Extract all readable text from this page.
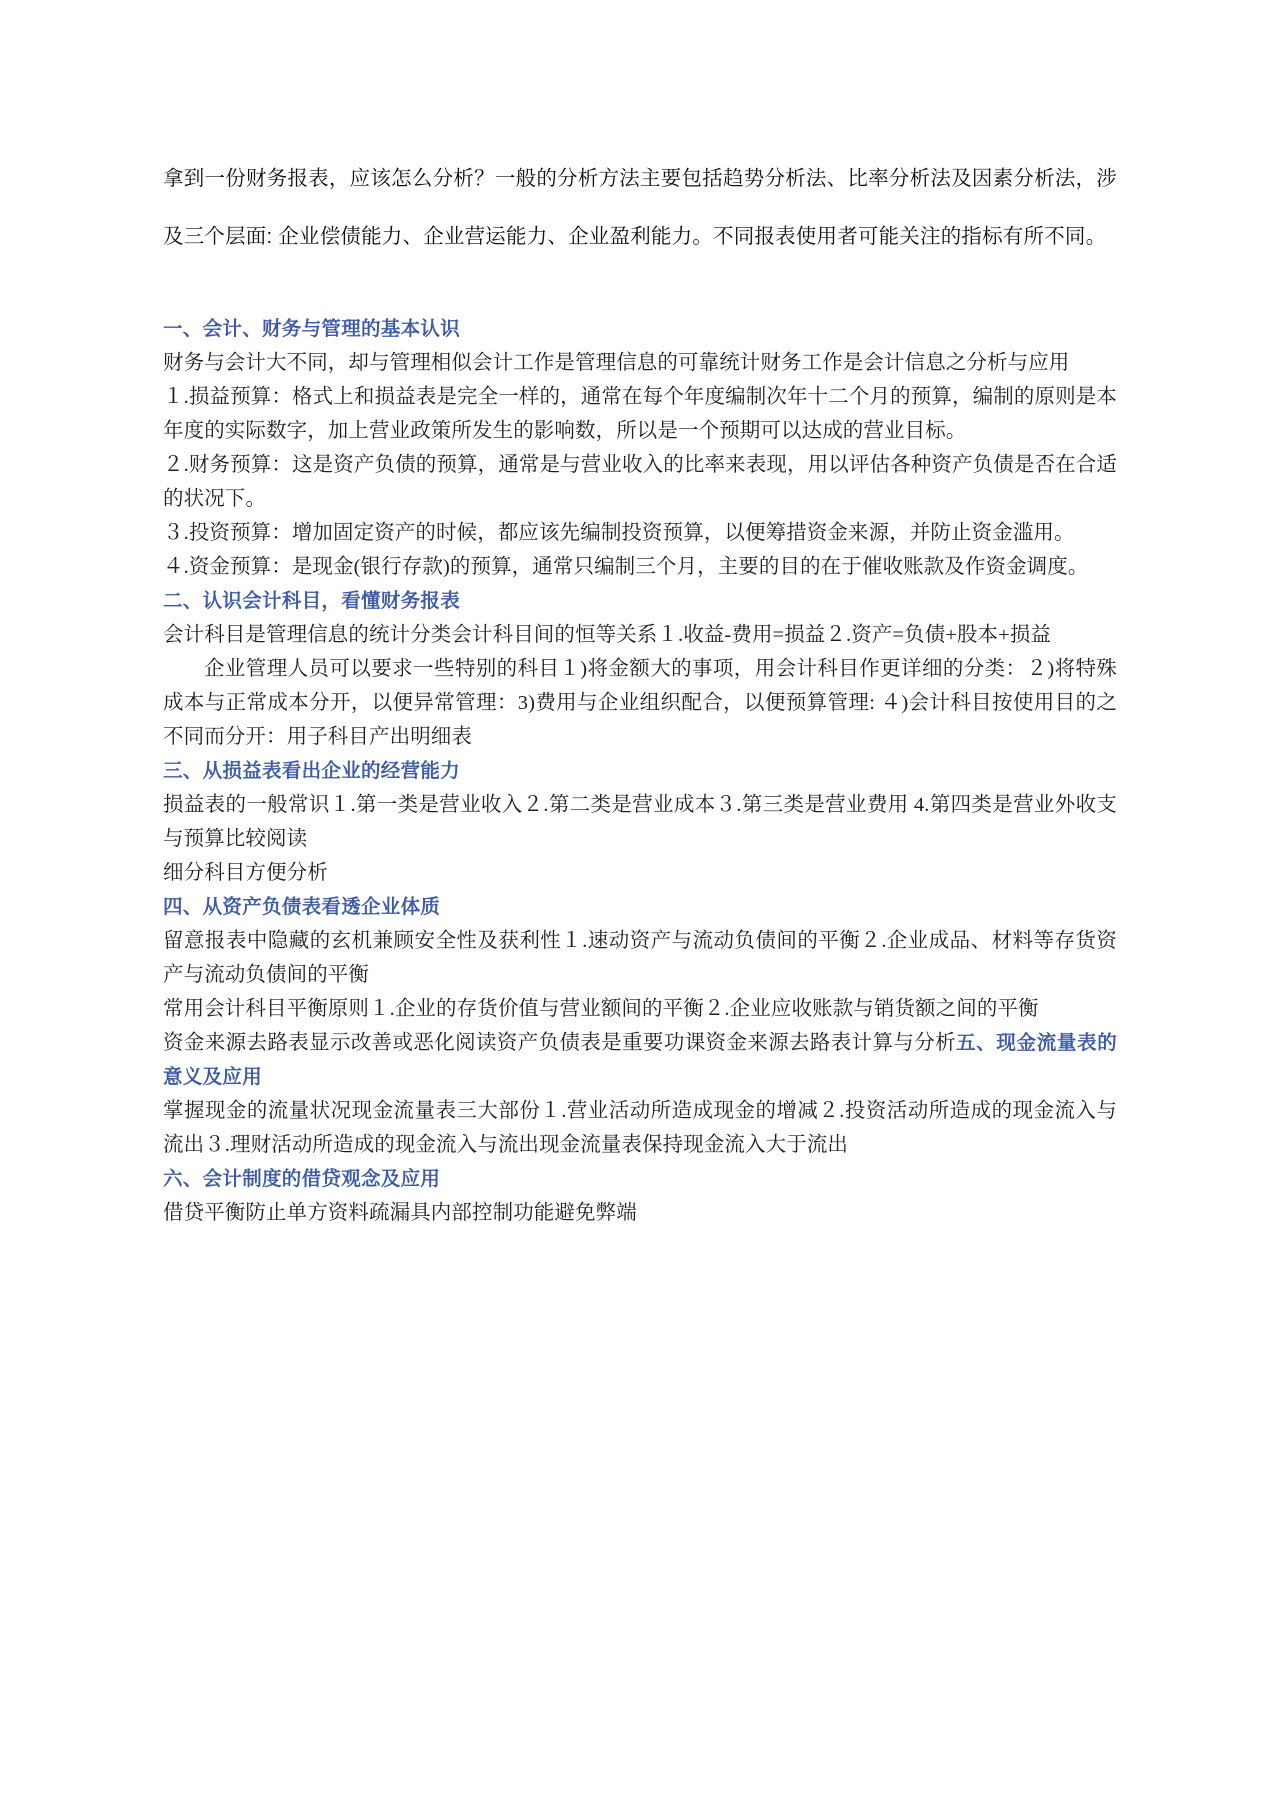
拿到一份财务报表，应该怎么分析？一般的分析方法主要包括趋势分析法、比率分析法及因素分析法，涉及三个层面: 企业偿债能力、企业营运能力、企业盈利能力。不同报表使用者可能关注的指标有所不同。

一、会计、财务与管理的基本认识

财务与会计大不同，却与管理相似会计工作是管理信息的可靠统计财务工作是会计信息之分析与应用

１.损益预算：格式上和损益表是完全一样的，通常在每个年度编制次年十二个月的预算，编制的原则是本年度的实际数字，加上营业政策所发生的影响数，所以是一个预期可以达成的营业目标。

２.财务预算：这是资产负债的预算，通常是与营业收入的比率来表现，用以评估各种资产负债是否在合适的状况下。

３.投资预算：增加固定资产的时候，都应该先编制投资预算，以便筹措资金来源，并防止资金滥用。

４.资金预算：是现金(银行存款)的预算，通常只编制三个月，主要的目的在于催收账款及作资金调度。

二、认识会计科目，看懂财务报表

会计科目是管理信息的统计分类会计科目间的恒等关系１.收益-费用=损益２.资产=负债+股本+损益

企业管理人员可以要求一些特别的科目１)将金额大的事项，用会计科目作更详细的分类：２)将特殊成本与正常成本分开，以便异常管理：3)费用与企业组织配合，以便预算管理: ４)会计科目按使用目的之不同而分开：用子科目产出明细表

三、从损益表看出企业的经营能力

损益表的一般常识１.第一类是营业收入２.第二类是营业成本３.第三类是营业费用 4.第四类是营业外收支与预算比较阅读

细分科目方便分析

四、从资产负债表看透企业体质

留意报表中隐藏的玄机兼顾安全性及获利性１.速动资产与流动负债间的平衡２.企业成品、材料等存货资产与流动负债间的平衡

常用会计科目平衡原则１.企业的存货价值与营业额间的平衡２.企业应收账款与销货额之间的平衡

资金来源去路表显示改善或恶化阅读资产负债表是重要功课资金来源去路表计算与分析五、现金流量表的意义及应用

掌握现金的流量状况现金流量表三大部份１.营业活动所造成现金的增减２.投资活动所造成的现金流入与流出３.理财活动所造成的现金流入与流出现金流量表保持现金流入大于流出

六、会计制度的借贷观念及应用

借贷平衡防止单方资料疏漏具内部控制功能避免弊端
